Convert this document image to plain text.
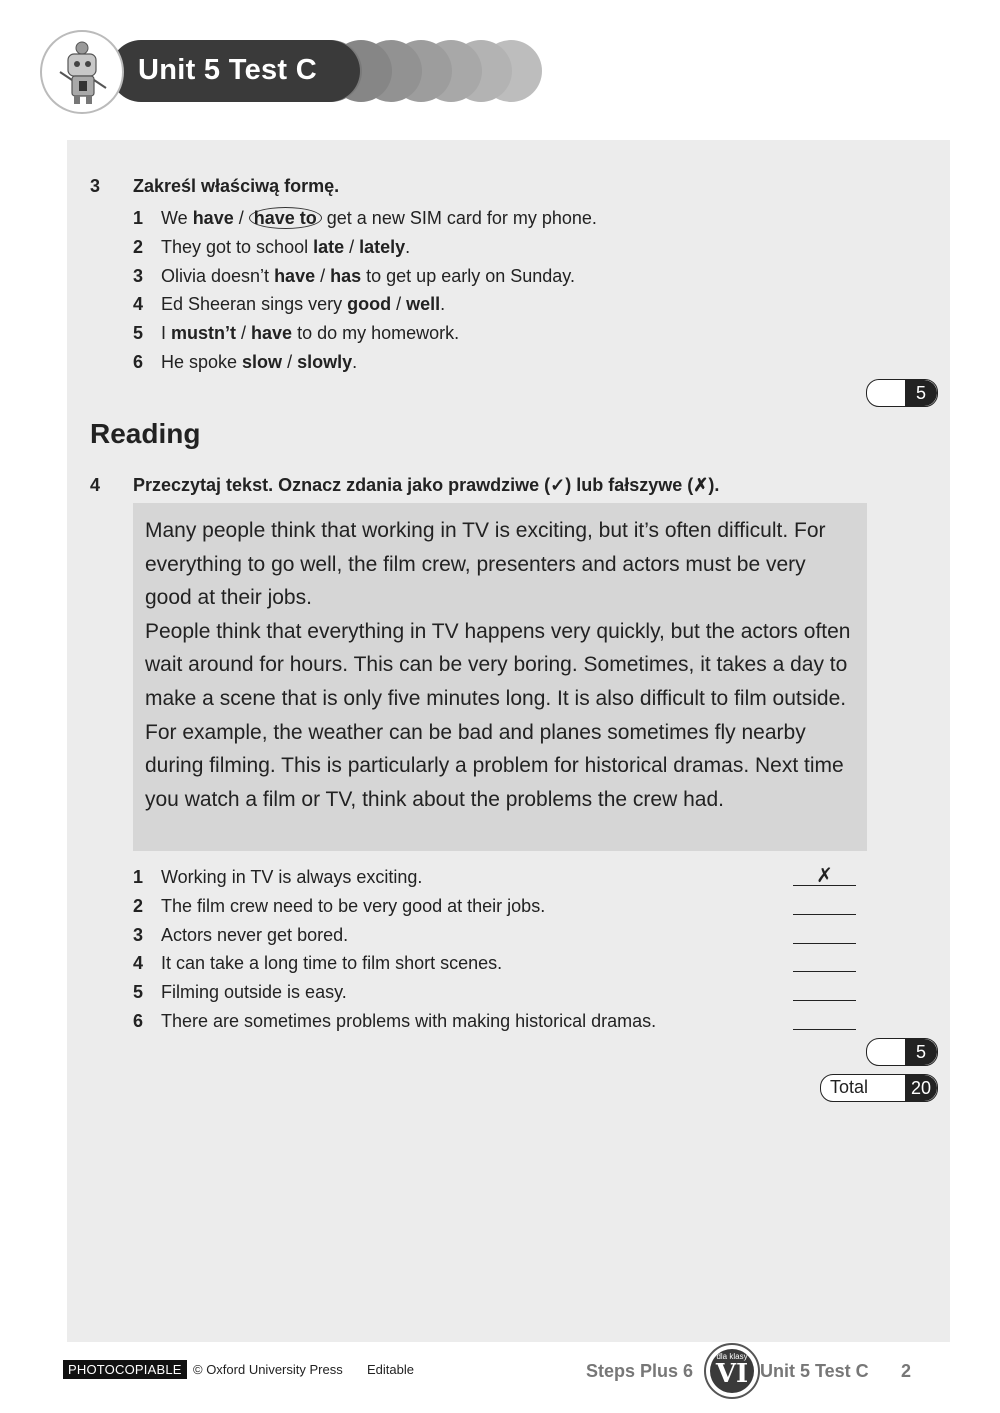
Unit 5 Test C
3 Zakreśl właściwą formę.
1 We have / have to get a new SIM card for my phone.
2 They got to school late / lately.
3 Olivia doesn’t have / has to get up early on Sunday.
4 Ed Sheeran sings very good / well.
5 I mustn’t / have to do my homework.
6 He spoke slow / slowly.
5
Reading
4 Przeczytaj tekst. Oznacz zdania jako prawdziwe (✓) lub fałszywe (✗).

Many people think that working in TV is exciting, but it’s often difficult. For everything to go well, the film crew, presenters and actors must be very good at their jobs.

People think that everything in TV happens very quickly, but the actors often wait around for hours. This can be very boring. Sometimes, it takes a day to make a scene that is only five minutes long. It is also difficult to film outside. For example, the weather can be bad and planes sometimes fly nearby during filming. This is particularly a problem for historical dramas. Next time you watch a film or TV, think about the problems the crew had.

1 Working in TV is always exciting.	✗
2 The film crew need to be very good at their jobs.
3 Actors never get bored.
4 It can take a long time to film short scenes.
5 Filming outside is easy.
6 There are sometimes problems with making historical dramas.
5
Total	20
PHOTOCOPIABLE © Oxford University Press Editable	Steps Plus 6
dla klasy
VI Unit 5 Test C 2
